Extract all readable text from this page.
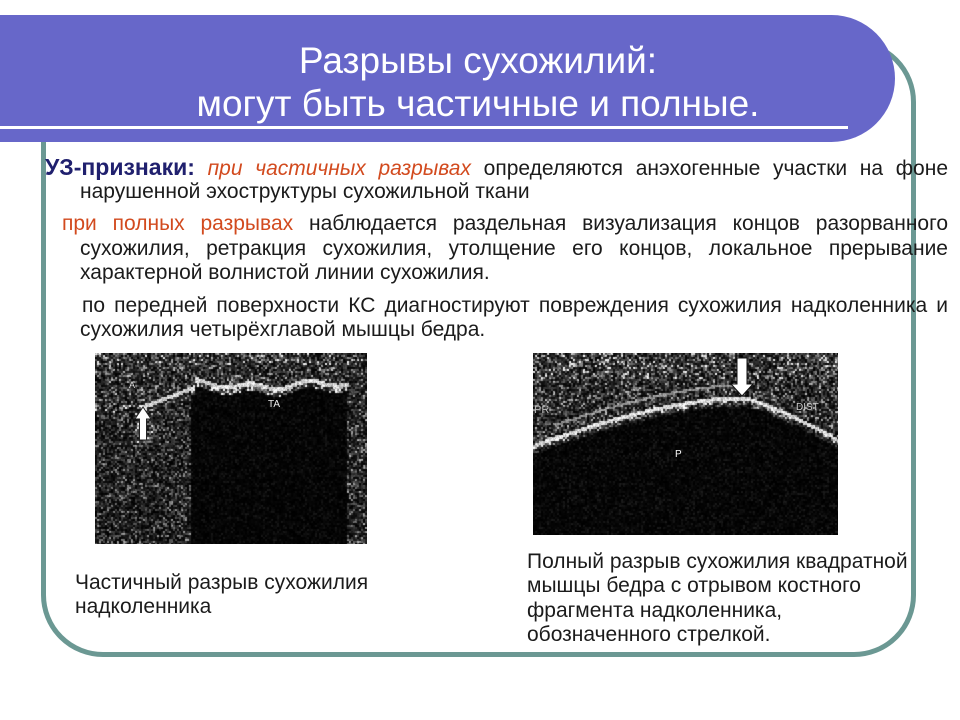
Разрывы сухожилий:
могут быть частичные и полные.
УЗ-признаки: при частичных разрывах определяются анэхогенные участки на фоне
нарушенной эхоструктуры сухожильной ткани
при полных разрывах наблюдается раздельная визуализация концов разорванного
сухожилия, ретракция сухожилия, утолщение его концов, локальное прерывание
характерной волнистой линии сухожилия.
по передней поверхности КС диагностируют повреждения сухожилия надколенника и
сухожилия четырёхглавой мышцы бедра.
A
TA	PR	DIST
P
Частичный разрыв сухожилия
надколенника
Полный разрыв сухожилия квадратной
мышцы бедра с отрывом костного
фрагмента надколенника,
обозначенного стрелкой.
